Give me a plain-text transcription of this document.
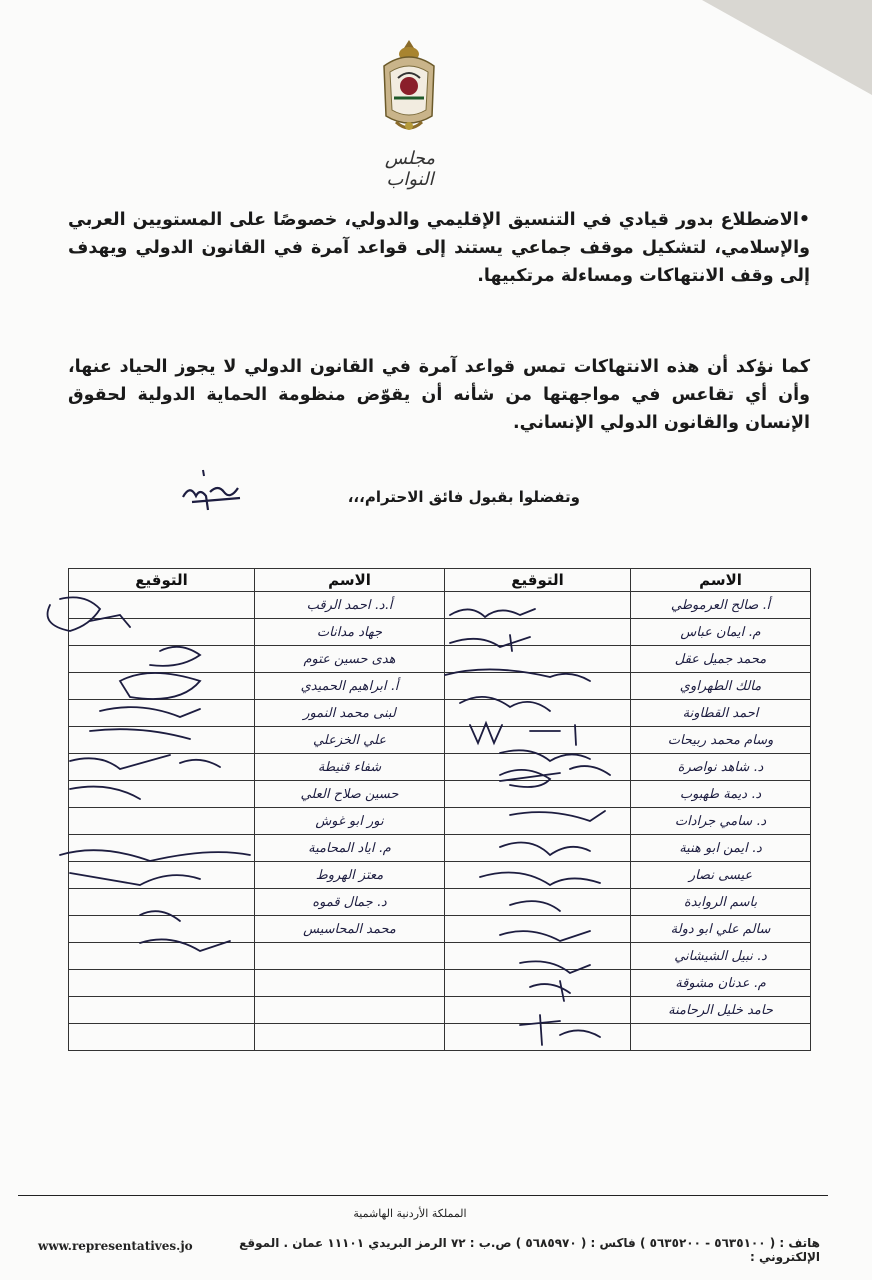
مجلس النواب

•الاضطلاع بدور قيادي في التنسيق الإقليمي والدولي، خصوصًا على المستويين العربي والإسلامي، لتشكيل موقف جماعي يستند إلى قواعد آمرة في القانون الدولي ويهدف إلى وقف الانتهاكات ومساءلة مرتكبيها.

كما نؤكد أن هذه الانتهاكات تمس قواعد آمرة في القانون الدولي لا يجوز الحياد عنها، وأن أي تقاعس في مواجهتها من شأنه أن يقوّض منظومة الحماية الدولية لحقوق الإنسان والقانون الدولي الإنساني.

وتفضلوا بقبول فائق الاحترام،،،
الاسم	التوقيع	الاسم	التوقيع
أ. صالح العرموطي		أ.د. احمد الرقب	
م. ايمان عباس		جهاد مدانات	
محمد جميل عقل		هدى حسين عتوم	
مالك الطهراوي		أ. ابراهيم الحميدي	
احمد القطاونة		لبنى محمد النمور	
وسام محمد ربيحات		علي الخزعلي	
د. شاهد نواصرة		شفاء قنيطة	
د. ديمة طهبوب		حسين صلاح العلي	
د. سامي جرادات		نور ابو غوش	
د. ايمن ابو هنية		م. اياد المحامية	
عيسى نصار		معتز الهروط	
باسم الروابدة		د. جمال قموه	
سالم علي ابو دولة		محمد المحاسيس	
د. نبيل الشيشاني			
م. عدنان مشوقة			
حامد خليل الرحامنة			

المملكة الأردنية الهاشمية
هاتف : ( ٥٦٣٥١٠٠ - ٥٦٣٥٢٠٠ ) فاكس : ( ٥٦٨٥٩٧٠ ) ص.ب : ٧٢ الرمز البريدي ١١١٠١ عمان . الموقع الإلكتروني :
www.representatives.jo
